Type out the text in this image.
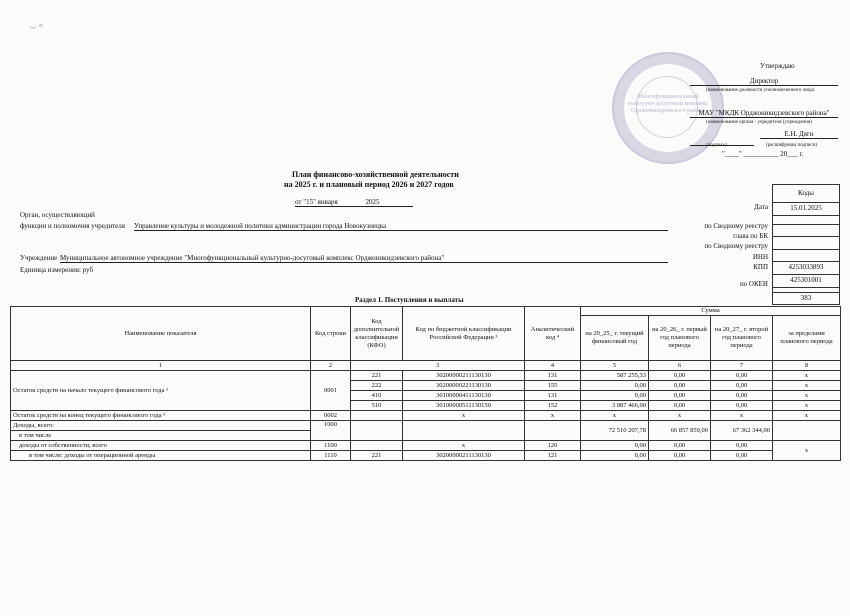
~ °
Многофункциональный культурно-досуговый комплекс Орджоникидзевского района
Утверждаю
Директор
(наименование должности уполномоченного лица)
МАУ "МКДК Орджоникидзевского района"
(наименование органа - учредителя (учреждения)
Е.Н. Дягн
(подпись)	(расшифровка подписи)
"____" __________ 20___ г.
План финансово-хозяйственной деятельности
на 2025 г. и плановый период 2026 и 2027 годов
от "15" января	2025
Орган, осуществляющий
функции и полномочия учредителя Управление культуры и молодежной политики администрации города Новокузнецка
Учреждение Муниципальное автономное учреждение "Многофункциональный культурно-досуговый комплекс Орджоникидзевского района"
Единица измерения: руб
Дата
по Сводному реестру
глава по БК
по Сводному реестру
ИНН
КПП
по ОКЕИ
Коды
15.01.2025
4253033893
425301001
383
Раздел 1. Поступления и выплаты
Наименование показателя	Код строки	Код дополнительной классификации (КФО)	Код по бюджетной классификации Российской Федерации ³	Аналитический код ⁴	Сумма			
					на 20_25_ г. текущий финансовый год	на 20_26_ г. первый год планового периода	на 20_27_ г. второй год планового периода	за пределами планового периода
1	2	3		4	5	6	7	8
Остаток средств на начало текущего финансового года ⁵	0001	221	30200000211130130	131	587 255,33	0,00	0,00	x
		222	30200000221130130	155	0,00	0,00	0,00	x
		410	30100000411130130	131	0,00	0,00	0,00	x
		510	30100000511130150	152	3 087 466,00	0,00	0,00	x
Остаток средств на конец текущего финансового года ⁵	0002		x	x	x	x	x	x
Доходы, всего:	1000				72 510 207,78	66 857 859,00	67 362 344,00	
в том числе								
доходы от собственности, всего	1100		x	120	0,00	0,00	0,00	x
в том числе: доходы от операционной аренды	1110	221	30200000211130130	121	0,00	0,00	0,00	
